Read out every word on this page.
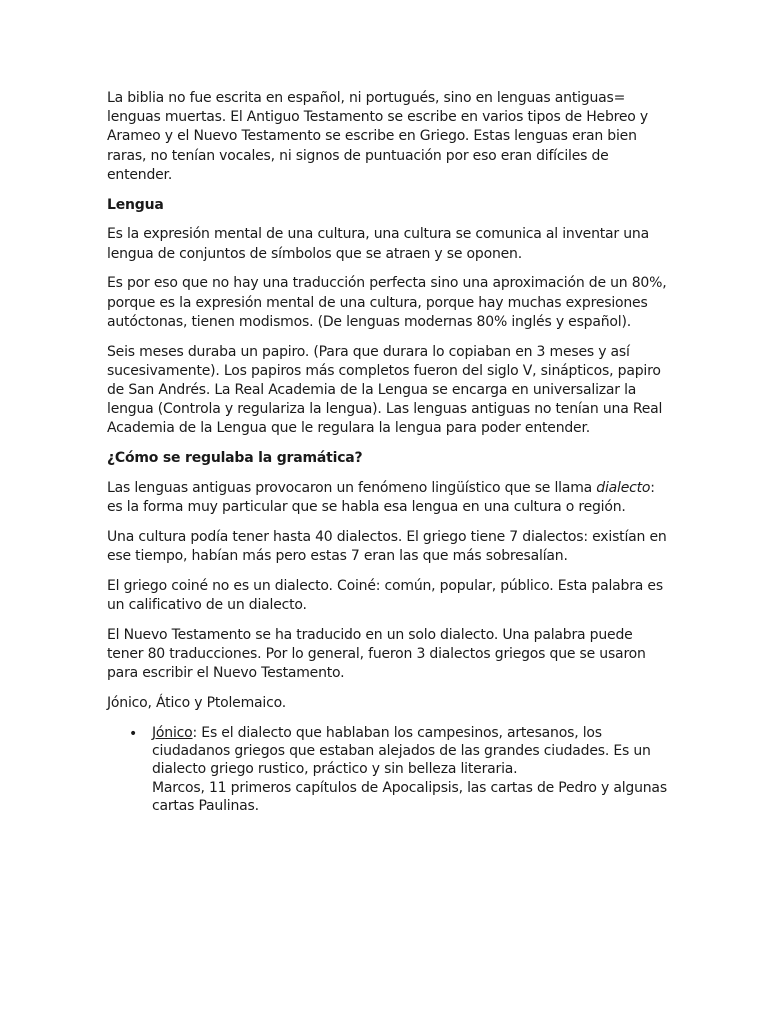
La biblia no fue escrita en español, ni portugués, sino en lenguas antiguas= lenguas muertas. El Antiguo Testamento se escribe en varios tipos de Hebreo y Arameo y el Nuevo Testamento se escribe en Griego. Estas lenguas eran bien raras, no tenían vocales, ni signos de puntuación por eso eran difíciles de entender.

Lengua

Es la expresión mental de una cultura, una cultura se comunica al inventar una lengua de conjuntos de símbolos que se atraen y se oponen.

Es por eso que no hay una traducción perfecta sino una aproximación de un 80%, porque es la expresión mental de una cultura, porque hay muchas expresiones autóctonas, tienen modismos. (De lenguas modernas 80% inglés y español).

Seis meses duraba un papiro. (Para que durara lo copiaban en 3 meses y así sucesivamente). Los papiros más completos fueron del siglo V, sinápticos, papiro de San Andrés. La Real Academia de la Lengua se encarga en universalizar la lengua (Controla y regulariza la lengua). Las lenguas antiguas no tenían una Real Academia de la Lengua que le regulara la lengua para poder entender.

¿Cómo se regulaba la gramática?

Las lenguas antiguas provocaron un fenómeno lingüístico que se llama dialecto: es la forma muy particular que se habla esa lengua en una cultura o región.

Una cultura podía tener hasta 40 dialectos. El griego tiene 7 dialectos: existían en ese tiempo, habían más pero estas 7 eran las que más sobresalían.

El griego coiné no es un dialecto. Coiné: común, popular, público. Esta palabra es un calificativo de un dialecto.

El Nuevo Testamento se ha traducido en un solo dialecto. Una palabra puede tener 80 traducciones. Por lo general, fueron 3 dialectos griegos que se usaron para escribir el Nuevo Testamento.

Jónico, Ático y Ptolemaico.

• Jónico: Es el dialecto que hablaban los campesinos, artesanos, los ciudadanos griegos que estaban alejados de las grandes ciudades. Es un dialecto griego rustico, práctico y sin belleza literaria.
Marcos, 11 primeros capítulos de Apocalipsis, las cartas de Pedro y algunas cartas Paulinas.
